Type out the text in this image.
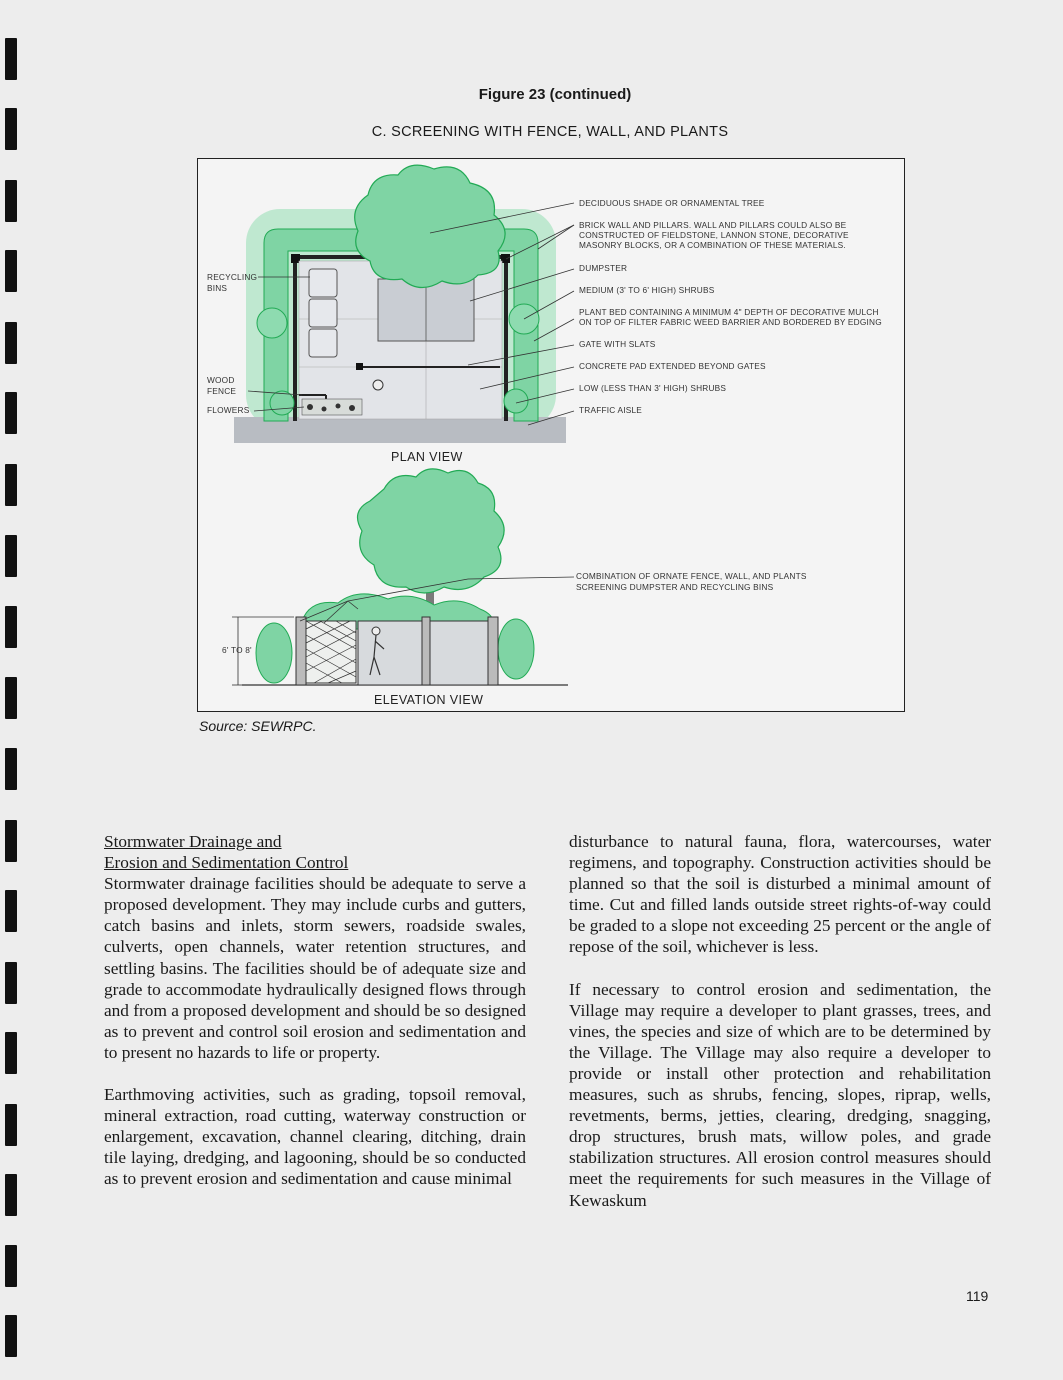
Figure 23 (continued)
C. SCREENING WITH FENCE, WALL, AND PLANTS
RECYCLING
BINS
WOOD
FENCE
FLOWERS
DECIDUOUS SHADE OR ORNAMENTAL TREE
BRICK WALL AND PILLARS. WALL AND PILLARS COULD ALSO BE
CONSTRUCTED OF FIELDSTONE, LANNON STONE, DECORATIVE
MASONRY BLOCKS, OR A COMBINATION OF THESE MATERIALS.
DUMPSTER
MEDIUM (3' TO 6' HIGH) SHRUBS
PLANT BED CONTAINING A MINIMUM 4" DEPTH OF DECORATIVE MULCH
ON TOP OF FILTER FABRIC WEED BARRIER AND BORDERED BY EDGING
GATE WITH SLATS
CONCRETE PAD EXTENDED BEYOND GATES
LOW (LESS THAN 3' HIGH) SHRUBS
TRAFFIC AISLE
PLAN VIEW
6' TO 8'
COMBINATION OF ORNATE FENCE, WALL, AND PLANTS
SCREENING DUMPSTER AND RECYCLING BINS
ELEVATION VIEW
Source: SEWRPC.
Stormwater Drainage and
Erosion and Sedimentation Control

Stormwater drainage facilities should be adequate to serve a proposed development. They may include curbs and gutters, catch basins and inlets, storm sewers, roadside swales, culverts, open channels, water retention structures, and settling basins. The facilities should be of adequate size and grade to accommodate hydraulically designed flows through and from a proposed development and should be so designed as to prevent and control soil erosion and sedimentation and to present no hazards to life or property.

Earthmoving activities, such as grading, topsoil removal, mineral extraction, road cutting, waterway construction or enlargement, excavation, channel clearing, ditching, drain tile laying, dredging, and lagooning, should be so conducted as to prevent erosion and sedimentation and cause minimal

disturbance to natural fauna, flora, watercourses, water regimens, and topography. Construction activities should be planned so that the soil is disturbed a minimal amount of time. Cut and filled lands outside street rights-of-way could be graded to a slope not exceeding 25 percent or the angle of repose of the soil, whichever is less.

If necessary to control erosion and sedimentation, the Village may require a developer to plant grasses, trees, and vines, the species and size of which are to be determined by the Village. The Village may also require a developer to provide or install other protection and rehabilitation measures, such as shrubs, fencing, slopes, riprap, wells, revetments, berms, jetties, clearing, dredging, snagging, drop structures, brush mats, willow poles, and grade stabilization structures. All erosion control measures should meet the requirements for such measures in the Village of Kewaskum

119
